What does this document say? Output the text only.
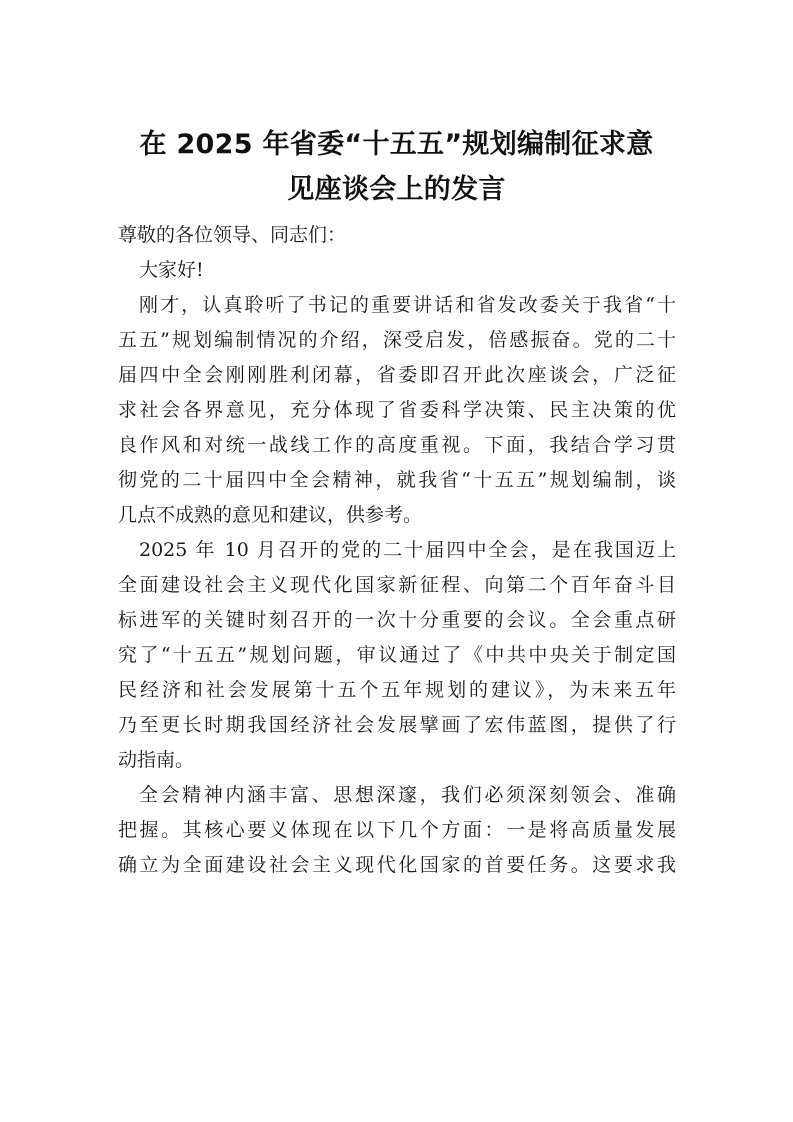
在 2025 年省委“十五五”规划编制征求意
见座谈会上的发言

尊敬的各位领导、同志们：

大家好!

刚才，认真聆听了书记的重要讲话和省发改委关于我省“十
五五”规划编制情况的介绍，深受启发，倍感振奋。党的二十
届四中全会刚刚胜利闭幕，省委即召开此次座谈会，广泛征
求社会各界意见，充分体现了省委科学决策、民主决策的优
良作风和对统一战线工作的高度重视。下面，我结合学习贯
彻党的二十届四中全会精神，就我省“十五五”规划编制，谈
几点不成熟的意见和建议，供参考。

2025 年 10 月召开的党的二十届四中全会，是在我国迈上
全面建设社会主义现代化国家新征程、向第二个百年奋斗目
标进军的关键时刻召开的一次十分重要的会议。全会重点研
究了“十五五”规划问题，审议通过了《中共中央关于制定国
民经济和社会发展第十五个五年规划的建议》，为未来五年
乃至更长时期我国经济社会发展擘画了宏伟蓝图，提供了行
动指南。

全会精神内涵丰富、思想深邃，我们必须深刻领会、准确
把握。其核心要义体现在以下几个方面：一是将高质量发展
确立为全面建设社会主义现代化国家的首要任务。这要求我
